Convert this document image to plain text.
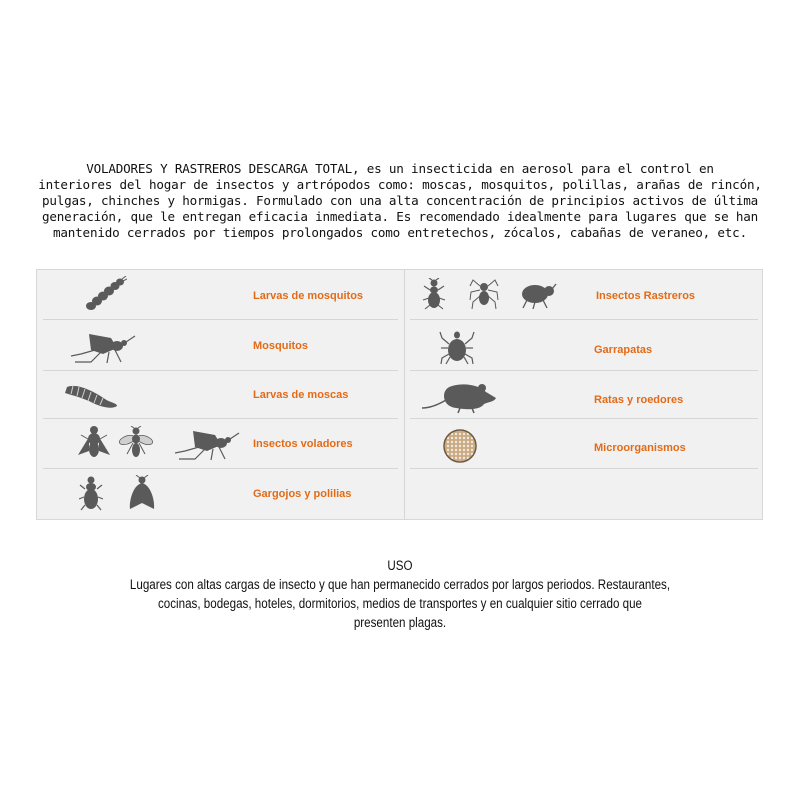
VOLADORES Y RASTREROS DESCARGA TOTAL, es un insecticida en aerosol para el control en
interiores del hogar de insectos y artrópodos como: moscas, mosquitos, polillas, arañas de rincón,
pulgas, chinches y hormigas. Formulado con una alta concentración de principios activos de última
generación, que le entregan eficacia inmediata. Es recomendado idealmente para lugares que se han
mantenido cerrados por tiempos prolongados como entretechos, zócalos, cabañas de veraneo, etc.
Larvas de mosquitos
Mosquitos
Larvas de moscas
Insectos voladores
Gargojos y polilias
Insectos Rastreros
Garrapatas
Ratas y roedores
Microorganismos
USO
Lugares con altas cargas de insecto y que han permanecido cerrados por largos periodos. Restaurantes,
cocinas, bodegas, hoteles, dormitorios, medios de transportes y en cualquier sitio cerrado que
presenten plagas.
